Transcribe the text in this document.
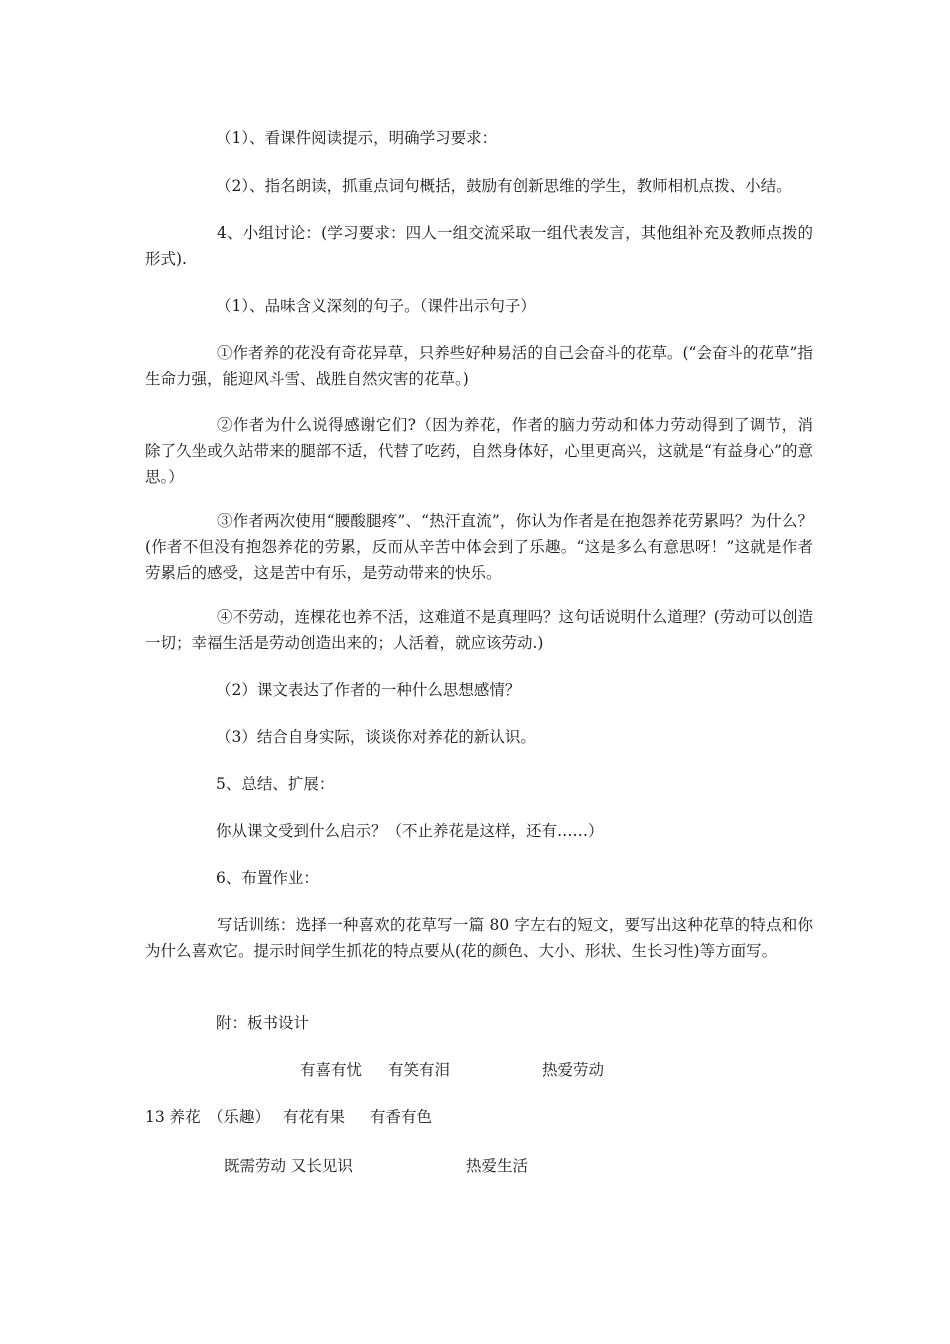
（1）、看课件阅读提示，明确学习要求：
（2）、指名朗读，抓重点词句概括，鼓励有创新思维的学生，教师相机点拨、小结。
4、小组讨论：(学习要求：四人一组交流采取一组代表发言，其他组补充及教师点拨的形式).
（1）、品味含义深刻的句子。（课件出示句子）
①作者养的花没有奇花异草，只养些好种易活的自己会奋斗的花草。(“会奋斗的花草”指生命力强，能迎风斗雪、战胜自然灾害的花草。)
②作者为什么说得感谢它们?（因为养花，作者的脑力劳动和体力劳动得到了调节，消除了久坐或久站带来的腿部不适，代替了吃药，自然身体好，心里更高兴，这就是“有益身心”的意思。）
③作者两次使用“腰酸腿疼”、“热汗直流”，你认为作者是在抱怨养花劳累吗？为什么？(作者不但没有抱怨养花的劳累，反而从辛苦中体会到了乐趣。“这是多么有意思呀！”这就是作者劳累后的感受，这是苦中有乐，是劳动带来的快乐。
④不劳动，连棵花也养不活，这难道不是真理吗？这句话说明什么道理？(劳动可以创造一切；幸福生活是劳动创造出来的；人活着，就应该劳动.)
（2）课文表达了作者的一种什么思想感情？
（3）结合自身实际，谈谈你对养花的新认识。
5、总结、扩展：
你从课文受到什么启示？（不止养花是这样，还有……）
6、布置作业：
写话训练：选择一种喜欢的花草写一篇 80 字左右的短文，要写出这种花草的特点和你为什么喜欢它。提示时间学生抓花的特点要从(花的颜色、大小、形状、生长习性)等方面写。
附：板书设计
有喜有忧 有笑有泪	热爱劳动
13 养花 （乐趣） 有花有果 有香有色
既需劳动 又长见识	热爱生活
